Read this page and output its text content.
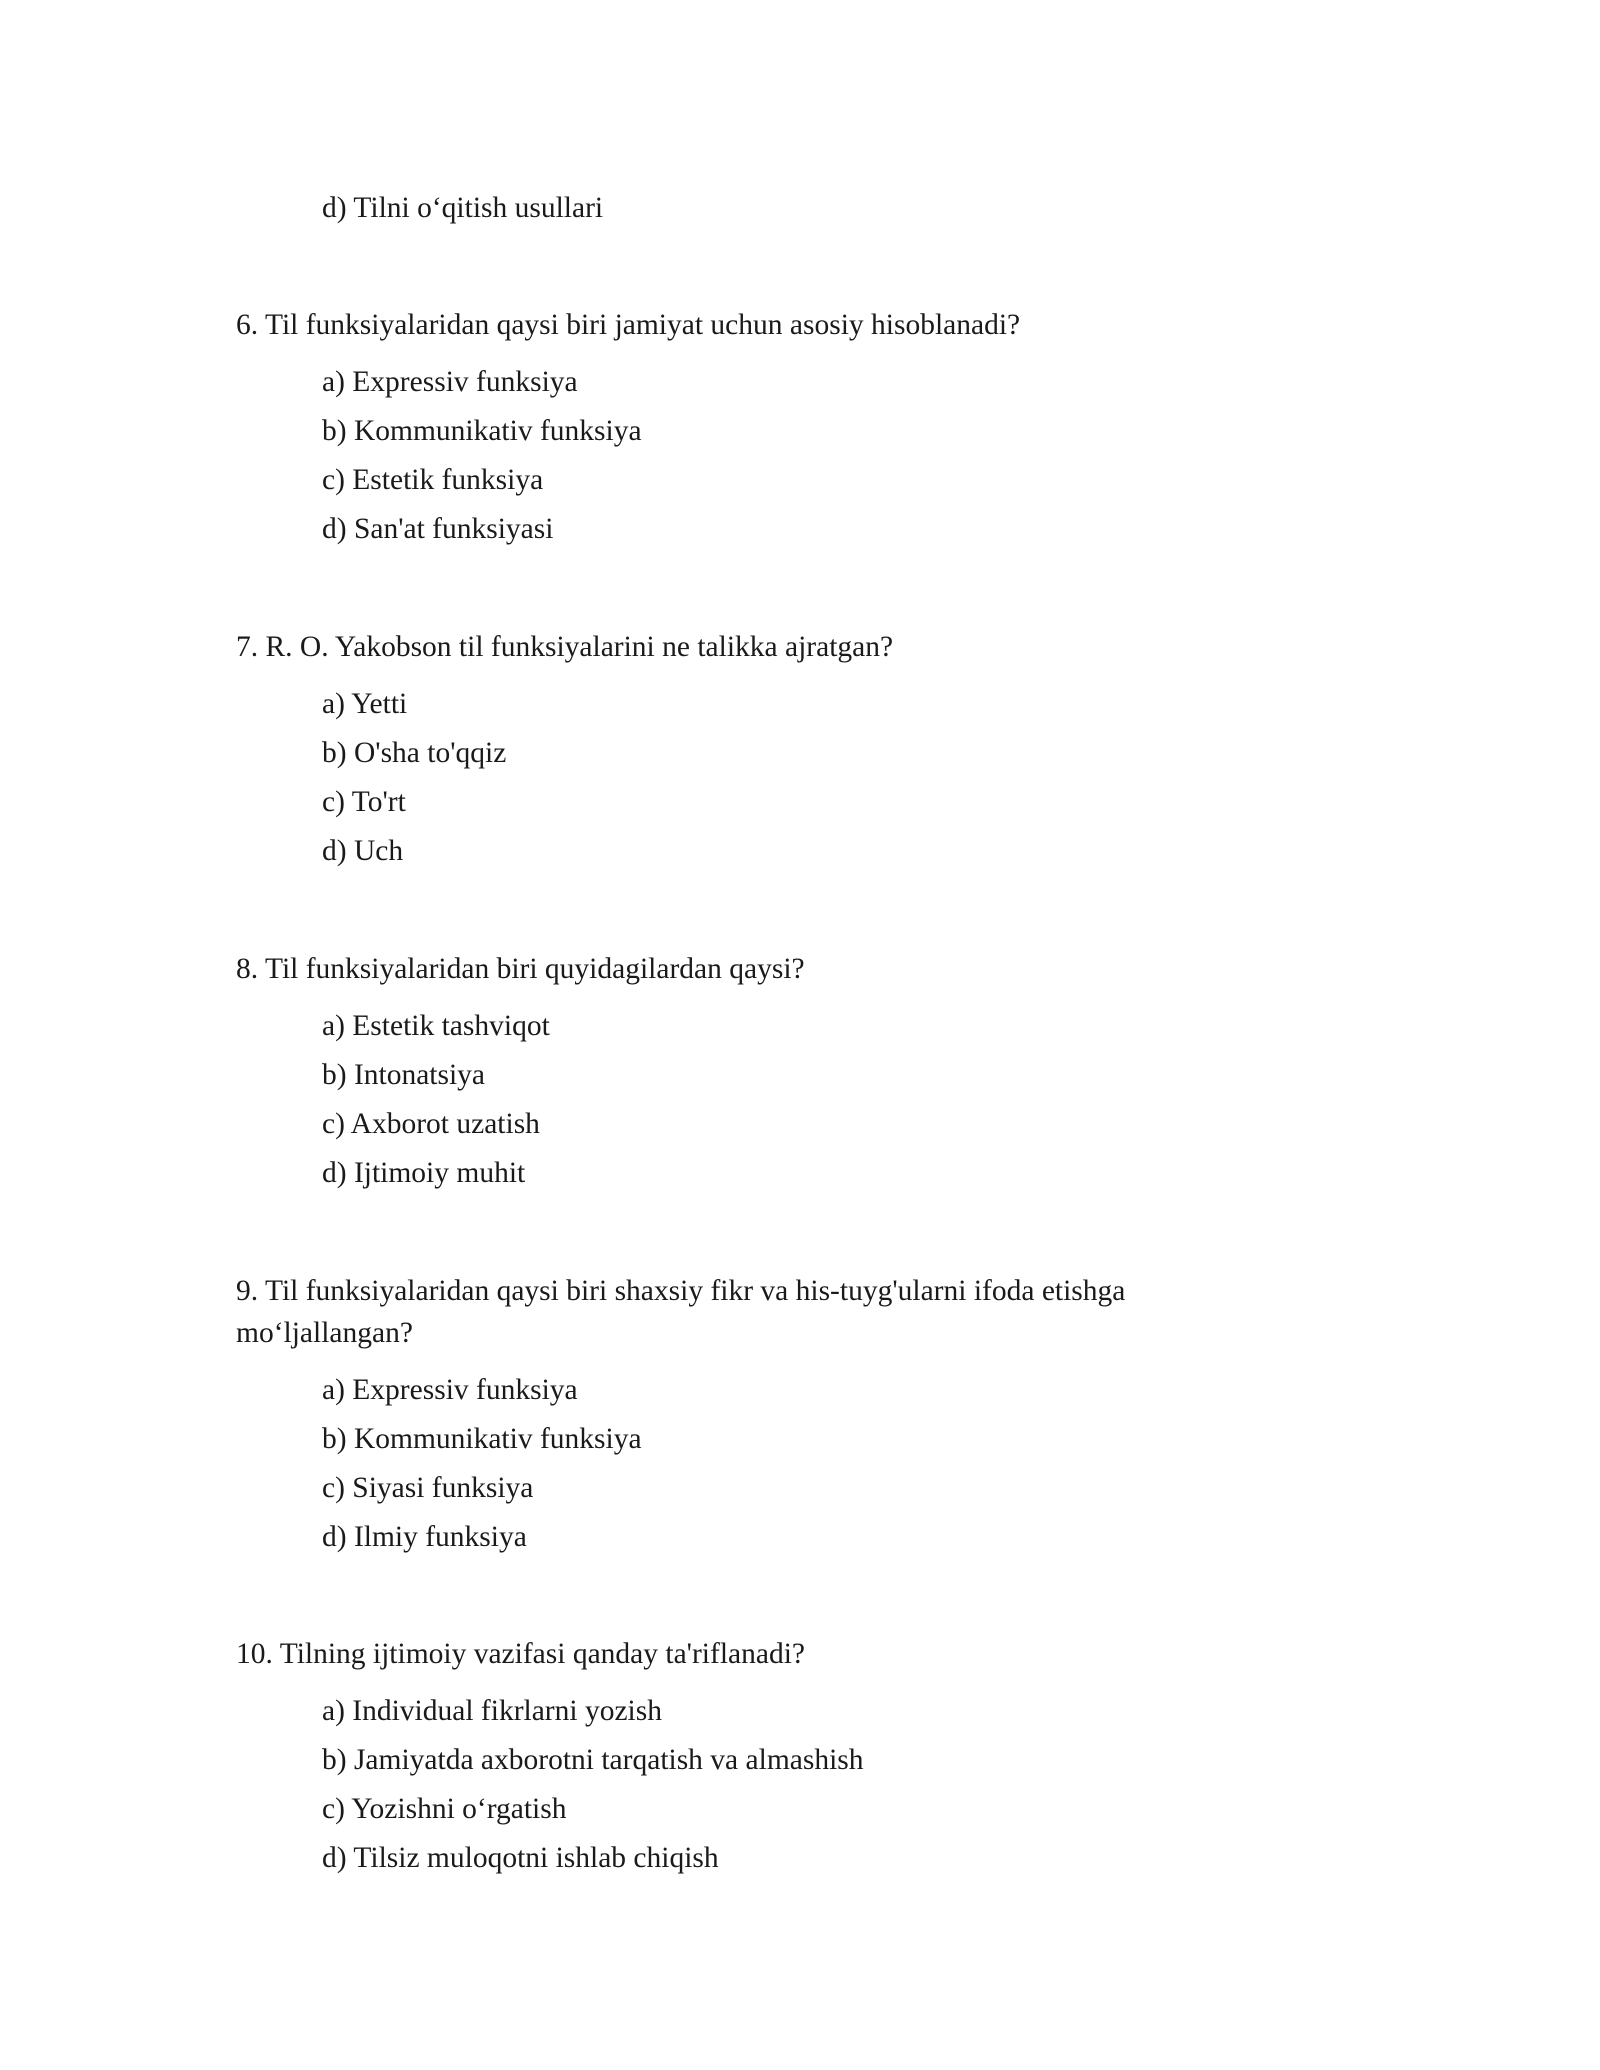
d) Tilni o‘qitish usullari
6. Til funksiyalaridan qaysi biri jamiyat uchun asosiy hisoblanadi?
a) Expressiv funksiya
b) Kommunikativ funksiya
c) Estetik funksiya
d) San'at funksiyasi
7. R. O. Yakobson til funksiyalarini ne talikka ajratgan?
a) Yetti
b) O'sha to'qqiz
c) To'rt
d) Uch
8. Til funksiyalaridan biri quyidagilardan qaysi?
a) Estetik tashviqot
b) Intonatsiya
c) Axborot uzatish
d) Ijtimoiy muhit
9. Til funksiyalaridan qaysi biri shaxsiy fikr va his-tuyg'ularni ifoda etishga
mo‘ljallangan?
a) Expressiv funksiya
b) Kommunikativ funksiya
c) Siyasi funksiya
d) Ilmiy funksiya
10. Tilning ijtimoiy vazifasi qanday ta'riflanadi?
a) Individual fikrlarni yozish
b) Jamiyatda axborotni tarqatish va almashish
c) Yozishni o‘rgatish
d) Tilsiz muloqotni ishlab chiqish
